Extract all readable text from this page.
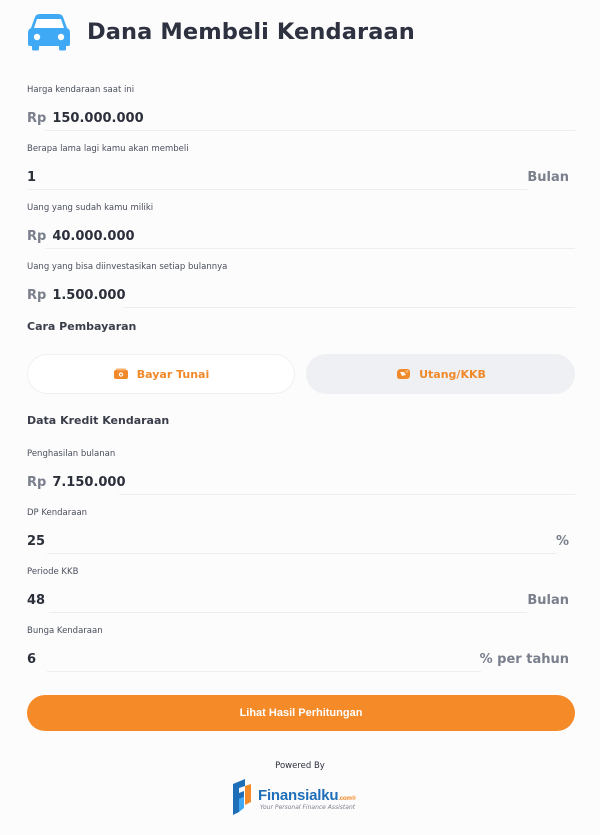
Dana Membeli Kendaraan
Harga kendaraan saat ini
Rp 150.000.000
Berapa lama lagi kamu akan membeli
1	Bulan
Uang yang sudah kamu miliki
Rp 40.000.000
Uang yang bisa diinvestasikan setiap bulannya
Rp 1.500.000
Cara Pembayaran
Bayar Tunai	Utang/KKB
Data Kredit Kendaraan
Penghasilan bulanan
Rp 7.150.000
DP Kendaraan
25	%
Periode KKB
48	Bulan
Bunga Kendaraan
6	% per tahun
Lihat Hasil Perhitungan
Powered By
Finansialku.com®
Your Personal Finance Assistant
